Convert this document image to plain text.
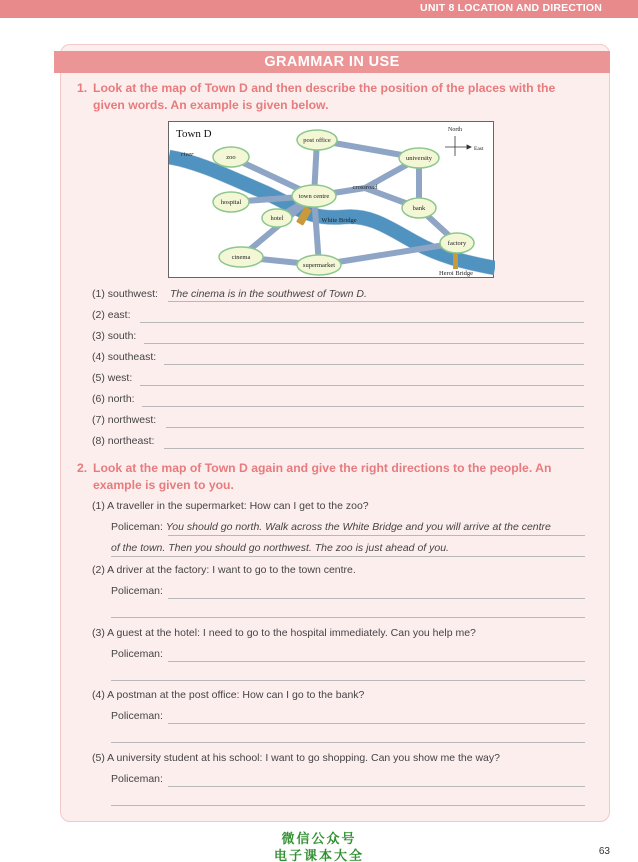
UNIT 8 LOCATION AND DIRECTION
GRAMMAR IN USE
1. Look at the map of Town D and then describe the position of the places with the given words. An example is given below.
post office
zoo	university
town centre
hospital
hotel
bank
factory
cinema
supermarket
crossroad
White Bridge
Heroi Bridge
river
North
East
Town D
(1) southwest: The cinema is in the southwest of Town D.
(2) east:
(3) south:
(4) southeast:
(5) west:
(6) north:
(7) northwest:
(8) northeast:
2. Look at the map of Town D again and give the right directions to the people. An example is given to you.
(1) A traveller in the supermarket: How can I get to the zoo?
Policeman: You should go north. Walk across the White Bridge and you will arrive at the centre
of the town. Then you should go northwest. The zoo is just ahead of you.
(2) A driver at the factory: I want to go to the town centre.
Policeman:
(3) A guest at the hotel: I need to go to the hospital immediately. Can you help me?
Policeman:
(4) A postman at the post office: How can I go to the bank?
Policeman:
(5) A university student at his school: I want to go shopping. Can you show me the way?
Policeman:
微信公众号
电子课本大全	63
